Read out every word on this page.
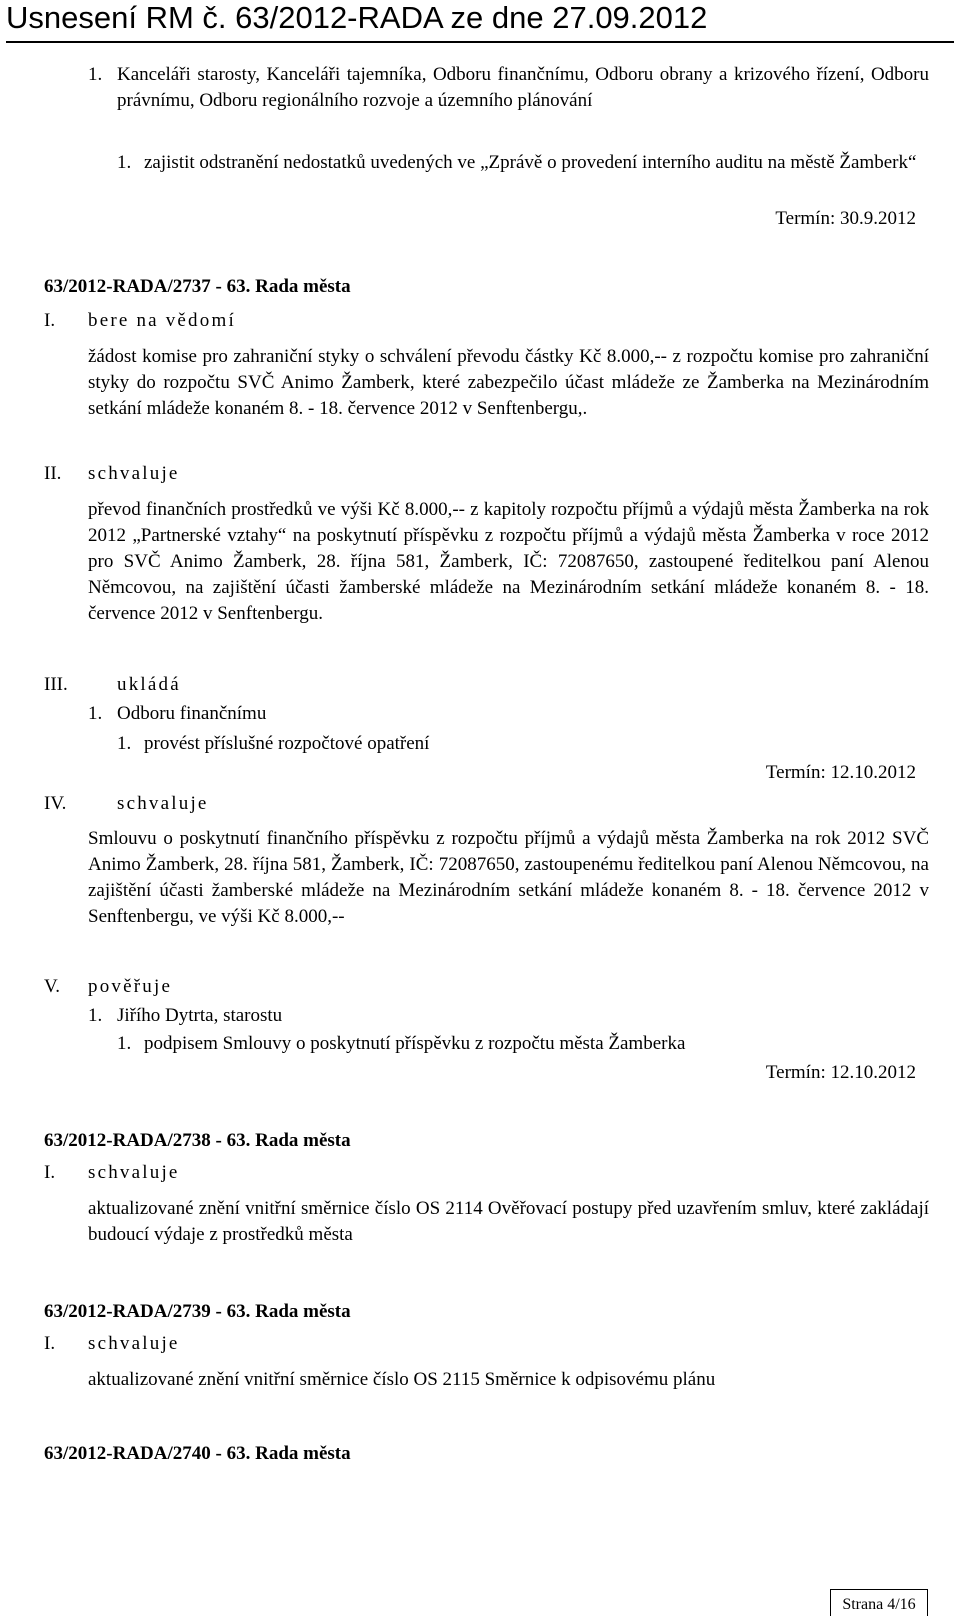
Usnesení RM č. 63/2012-RADA ze dne 27.09.2012
1. Kanceláři starosty, Kanceláři tajemníka, Odboru finančnímu, Odboru obrany a krizového řízení, Odboru právnímu, Odboru regionálního rozvoje a územního plánování
1. zajistit odstranění nedostatků uvedených ve „Zprávě o provedení interního auditu na městě Žamberk“
Termín: 30.9.2012
63/2012-RADA/2737 - 63. Rada města
I. bere na vědomí
žádost komise pro zahraniční styky o schválení převodu částky Kč 8.000,-- z rozpočtu komise pro zahraniční styky do rozpočtu SVČ Animo Žamberk, které zabezpečilo účast mládeže ze Žamberka na Mezinárodním setkání mládeže konaném 8. - 18. července 2012 v Senftenbergu,.
II. schvaluje
převod finančních prostředků ve výši Kč 8.000,-- z kapitoly rozpočtu příjmů a výdajů města Žamberka na rok 2012 „Partnerské vztahy“ na poskytnutí příspěvku z rozpočtu příjmů a výdajů města Žamberka v roce 2012 pro SVČ Animo Žamberk, 28. října 581, Žamberk, IČ: 72087650, zastoupené ředitelkou paní Alenou Němcovou, na zajištění účasti žamberské mládeže na Mezinárodním setkání mládeže konaném 8. - 18. července 2012 v Senftenbergu.
III.	ukládá
1. Odboru finančnímu
1. provést příslušné rozpočtové opatření
Termín: 12.10.2012
IV.	schvaluje
Smlouvu o poskytnutí finančního příspěvku z rozpočtu příjmů a výdajů města Žamberka na rok 2012 SVČ Animo Žamberk, 28. října 581, Žamberk, IČ: 72087650, zastoupenému ředitelkou paní Alenou Němcovou, na zajištění účasti žamberské mládeže na Mezinárodním setkání mládeže konaném 8. - 18. července 2012 v Senftenbergu, ve výši Kč 8.000,--
V. pověřuje
1. Jiřího Dytrta, starostu
1. podpisem Smlouvy o poskytnutí příspěvku z rozpočtu města Žamberka
Termín: 12.10.2012
63/2012-RADA/2738 - 63. Rada města
I. schvaluje
aktualizované znění vnitřní směrnice číslo OS 2114 Ověřovací postupy před uzavřením smluv, které zakládají budoucí výdaje z prostředků města
63/2012-RADA/2739 - 63. Rada města
I. schvaluje
aktualizované znění vnitřní směrnice číslo OS 2115 Směrnice k odpisovému plánu
63/2012-RADA/2740 - 63. Rada města
Strana 4/16
